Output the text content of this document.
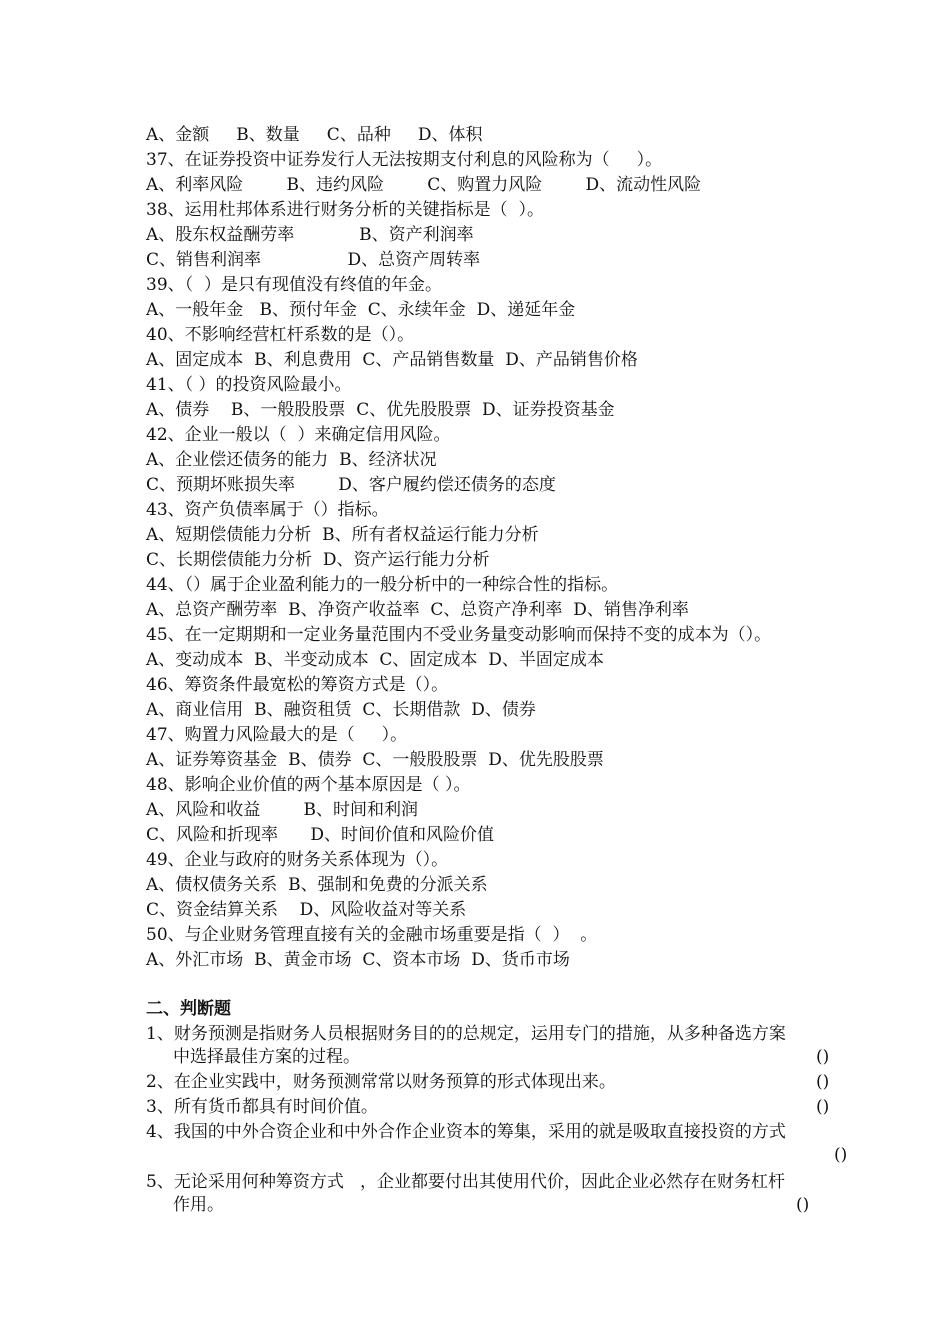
A、金额     B、数量     C、品种     D、体积
37、在证券投资中证券发行人无法按期支付利息的风险称为（     ）。
A、利率风险        B、违约风险        C、购置力风险        D、流动性风险
38、运用杜邦体系进行财务分析的关键指标是（  ）。
A、股东权益酬劳率            B、资产利润率
C、销售利润率                D、总资产周转率
39、（  ）是只有现值没有终值的年金。
A、一般年金   B、预付年金  C、永续年金  D、递延年金
40、不影响经营杠杆系数的是（）。
A、固定成本  B、利息费用  C、产品销售数量  D、产品销售价格
41、（ ）的投资风险最小。
A、债券    B、一般股股票  C、优先股股票  D、证券投资基金
42、企业一般以（  ）来确定信用风险。
A、企业偿还债务的能力  B、经济状况
C、预期坏账损失率        D、客户履约偿还债务的态度
43、资产负债率属于（）指标。
A、短期偿债能力分析  B、所有者权益运行能力分析
C、长期偿债能力分析  D、资产运行能力分析
44、（）属于企业盈利能力的一般分析中的一种综合性的指标。
A、总资产酬劳率  B、净资产收益率  C、总资产净利率  D、销售净利率
45、在一定期期和一定业务量范围内不受业务量变动影响而保持不变的成本为（）。
A、变动成本  B、半变动成本  C、固定成本  D、半固定成本
46、筹资条件最宽松的筹资方式是（）。
A、商业信用  B、融资租赁  C、长期借款  D、债券
47、购置力风险最大的是（     ）。
A、证券筹资基金  B、债券  C、一般股股票  D、优先股股票
48、影响企业价值的两个基本原因是（ ）。
A、风险和收益        B、时间和利润
C、风险和折现率      D、时间价值和风险价值
49、企业与政府的财务关系体现为（）。
A、债权债务关系  B、强制和免费的分派关系
C、资金结算关系    D、风险收益对等关系
50、与企业财务管理直接有关的金融市场重要是指（  ）  。
A、外汇市场  B、黄金市场  C、资本市场  D、货币市场
二、判断题
1、财务预测是指财务人员根据财务目的的总规定，运用专门的措施，从多种备选方案
中选择最佳方案的过程。	()
2、在企业实践中，财务预测常常以财务预算的形式体现出来。	()
3、所有货币都具有时间价值。	()
4、我国的中外合资企业和中外合作企业资本的筹集，采用的就是吸取直接投资的方式
()
5、无论采用何种筹资方式   ，企业都要付出其使用代价，因此企业必然存在财务杠杆
作用。	()
